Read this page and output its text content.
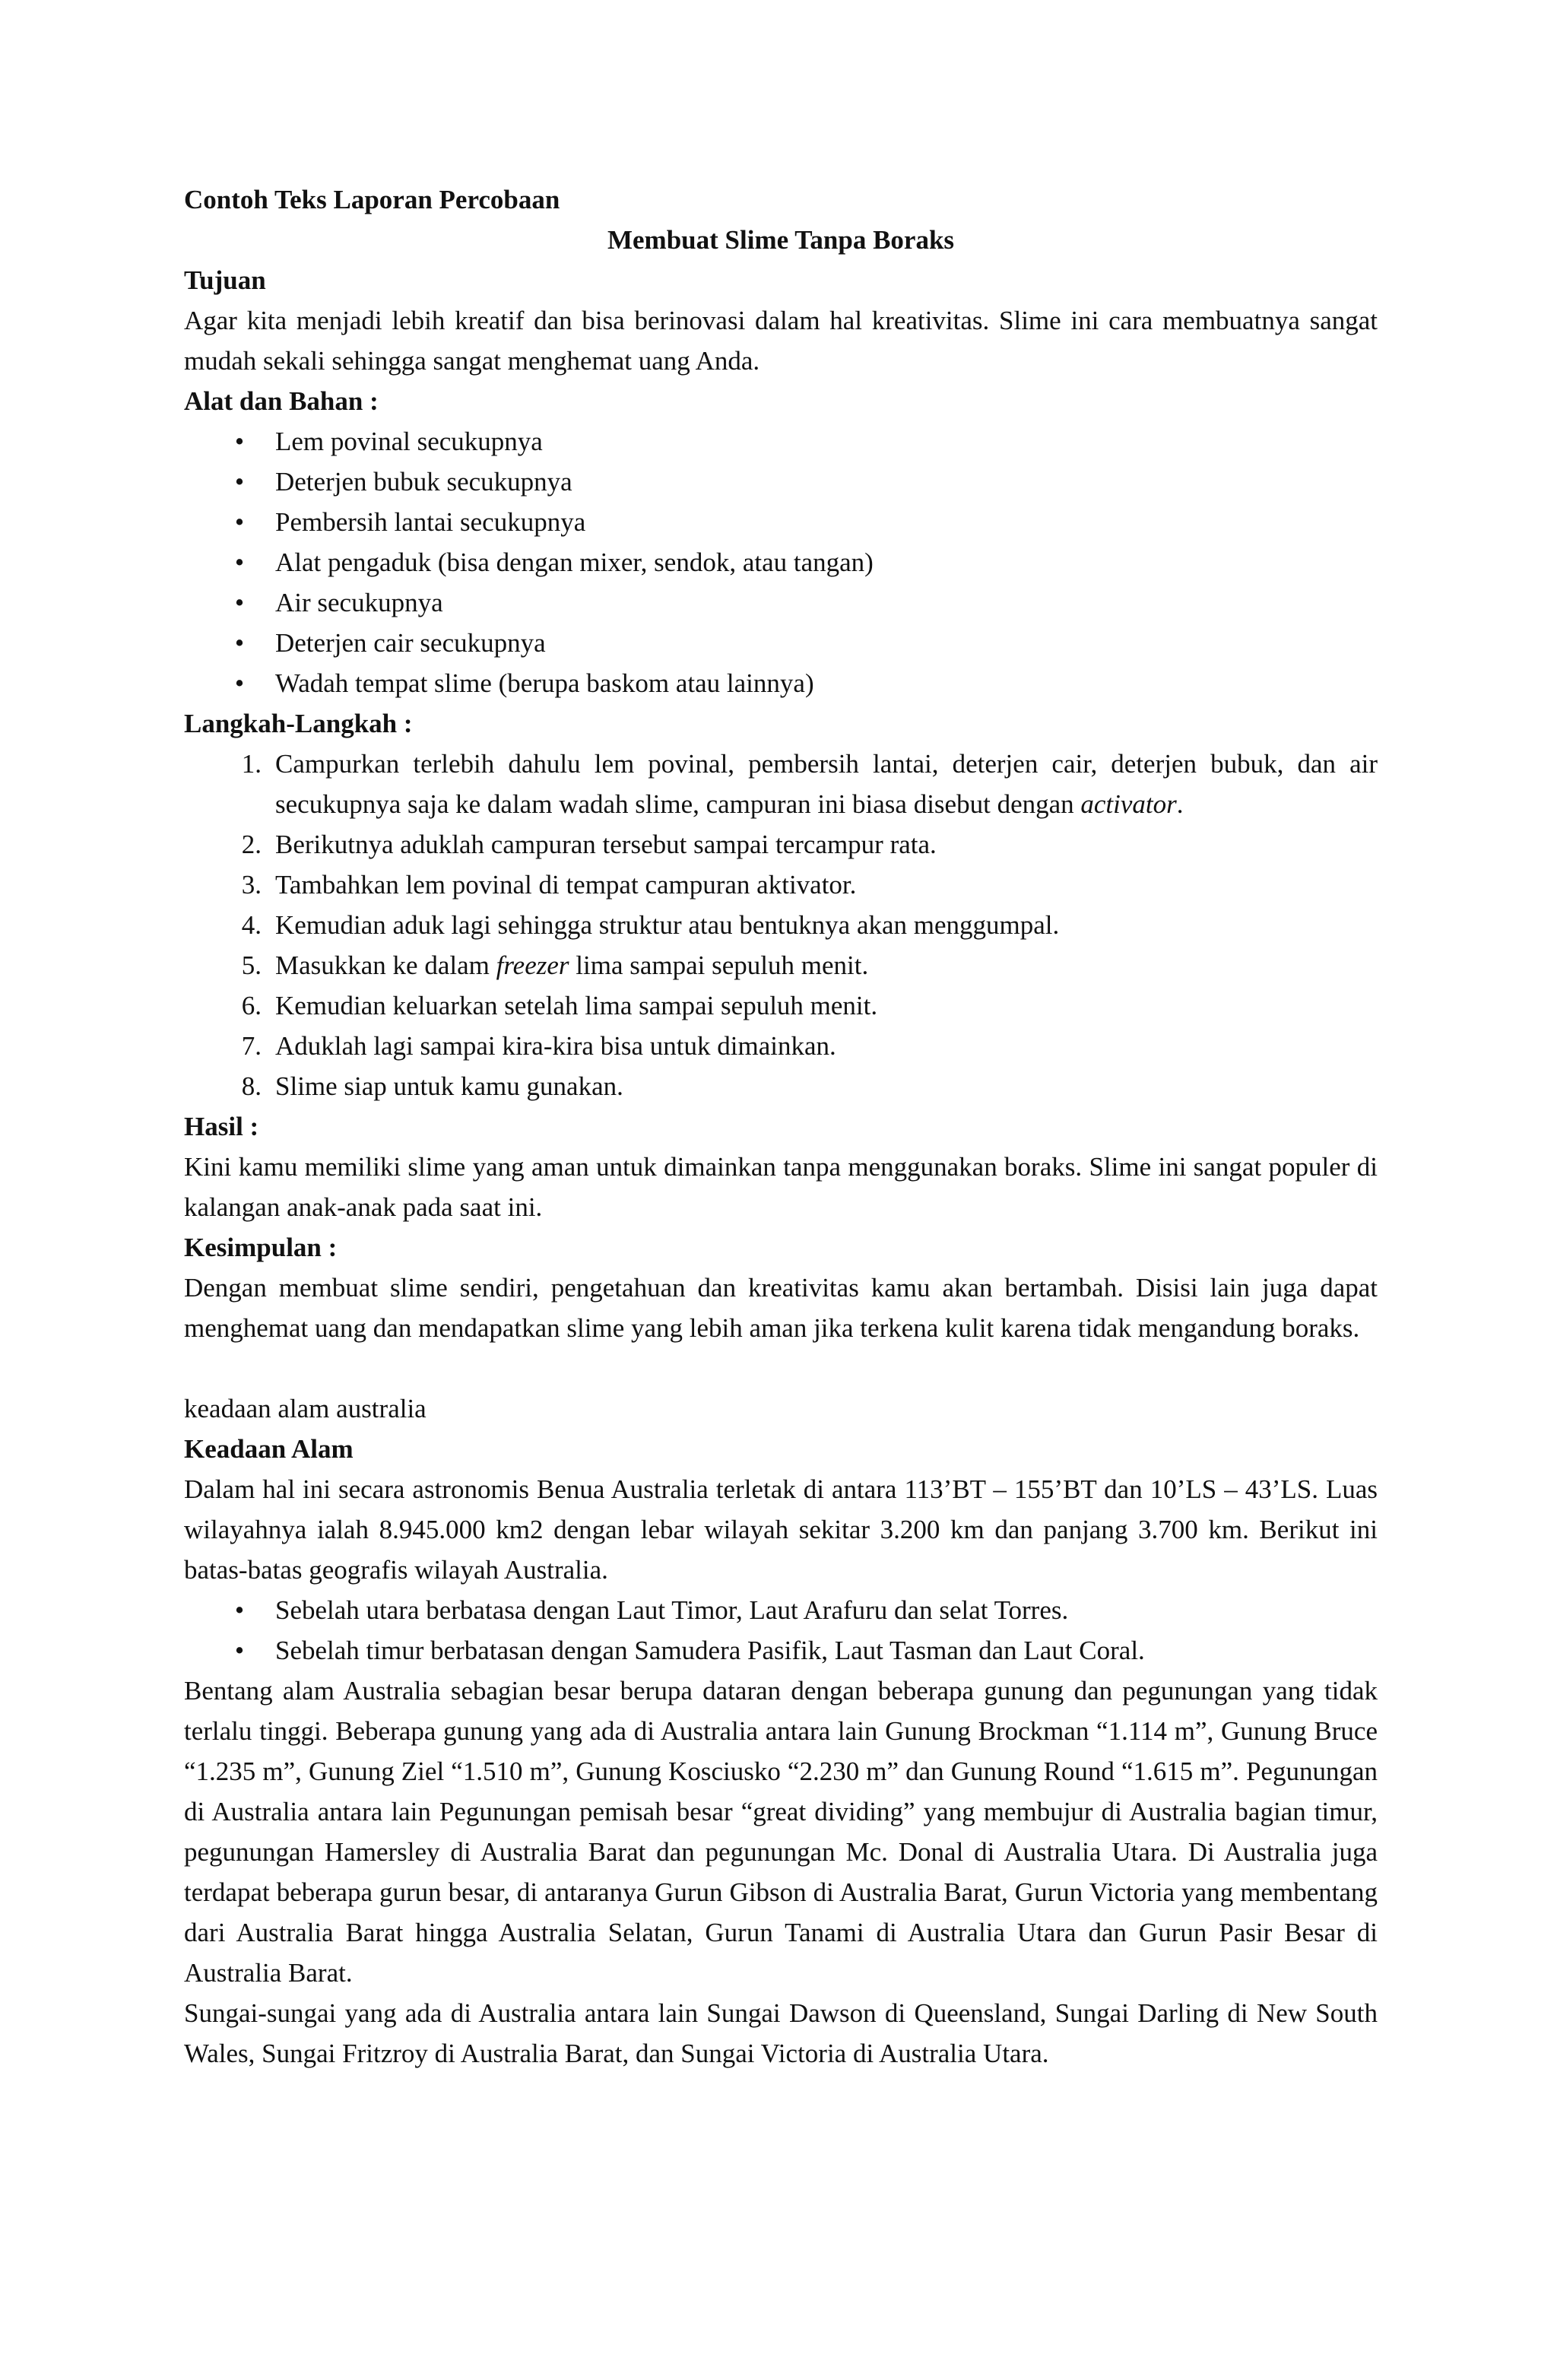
Contoh Teks Laporan Percobaan

Membuat Slime Tanpa Boraks

Tujuan

Agar kita menjadi lebih kreatif dan bisa berinovasi dalam hal kreativitas. Slime ini cara membuatnya sangat mudah sekali sehingga sangat menghemat uang Anda.

Alat dan Bahan :

• Lem povinal secukupnya
• Deterjen bubuk secukupnya
• Pembersih lantai secukupnya
• Alat pengaduk (bisa dengan mixer, sendok, atau tangan)
• Air secukupnya
• Deterjen cair secukupnya
• Wadah tempat slime (berupa baskom atau lainnya)

Langkah-Langkah :

1. Campurkan terlebih dahulu lem povinal, pembersih lantai, deterjen cair, deterjen bubuk, dan air secukupnya saja ke dalam wadah slime, campuran ini biasa disebut dengan activator.
2. Berikutnya aduklah campuran tersebut sampai tercampur rata.
3. Tambahkan lem povinal di tempat campuran aktivator.
4. Kemudian aduk lagi sehingga struktur atau bentuknya akan menggumpal.
5. Masukkan ke dalam freezer lima sampai sepuluh menit.
6. Kemudian keluarkan setelah lima sampai sepuluh menit.
7. Aduklah lagi sampai kira-kira bisa untuk dimainkan.
8. Slime siap untuk kamu gunakan.

Hasil :

Kini kamu memiliki slime yang aman untuk dimainkan tanpa menggunakan boraks. Slime ini sangat populer di kalangan anak-anak pada saat ini.

Kesimpulan :

Dengan membuat slime sendiri, pengetahuan dan kreativitas kamu akan bertambah. Disisi lain juga dapat menghemat uang dan mendapatkan slime yang lebih aman jika terkena kulit karena tidak mengandung boraks.

keadaan alam australia

Keadaan Alam

Dalam hal ini secara astronomis Benua Australia terletak di antara 113’BT – 155’BT dan 10’LS – 43’LS. Luas wilayahnya ialah 8.945.000 km2 dengan lebar wilayah sekitar 3.200 km dan panjang 3.700 km. Berikut ini batas-batas geografis wilayah Australia.

• Sebelah utara berbatasa dengan Laut Timor, Laut Arafuru dan selat Torres.
• Sebelah timur berbatasan dengan Samudera Pasifik, Laut Tasman dan Laut Coral.

Bentang alam Australia sebagian besar berupa dataran dengan beberapa gunung dan pegunungan yang tidak terlalu tinggi. Beberapa gunung yang ada di Australia antara lain Gunung Brockman “1.114 m”, Gunung Bruce “1.235 m”, Gunung Ziel “1.510 m”, Gunung Kosciusko “2.230 m” dan Gunung Round “1.615 m”. Pegunungan di Australia antara lain Pegunungan pemisah besar “great dividing” yang membujur di Australia bagian timur, pegunungan Hamersley di Australia Barat dan pegunungan Mc. Donal di Australia Utara. Di Australia juga terdapat beberapa gurun besar, di antaranya Gurun Gibson di Australia Barat, Gurun Victoria yang membentang dari Australia Barat hingga Australia Selatan, Gurun Tanami di Australia Utara dan Gurun Pasir Besar di Australia Barat.

Sungai-sungai yang ada di Australia antara lain Sungai Dawson di Queensland, Sungai Darling di New South Wales, Sungai Fritzroy di Australia Barat, dan Sungai Victoria di Australia Utara.
